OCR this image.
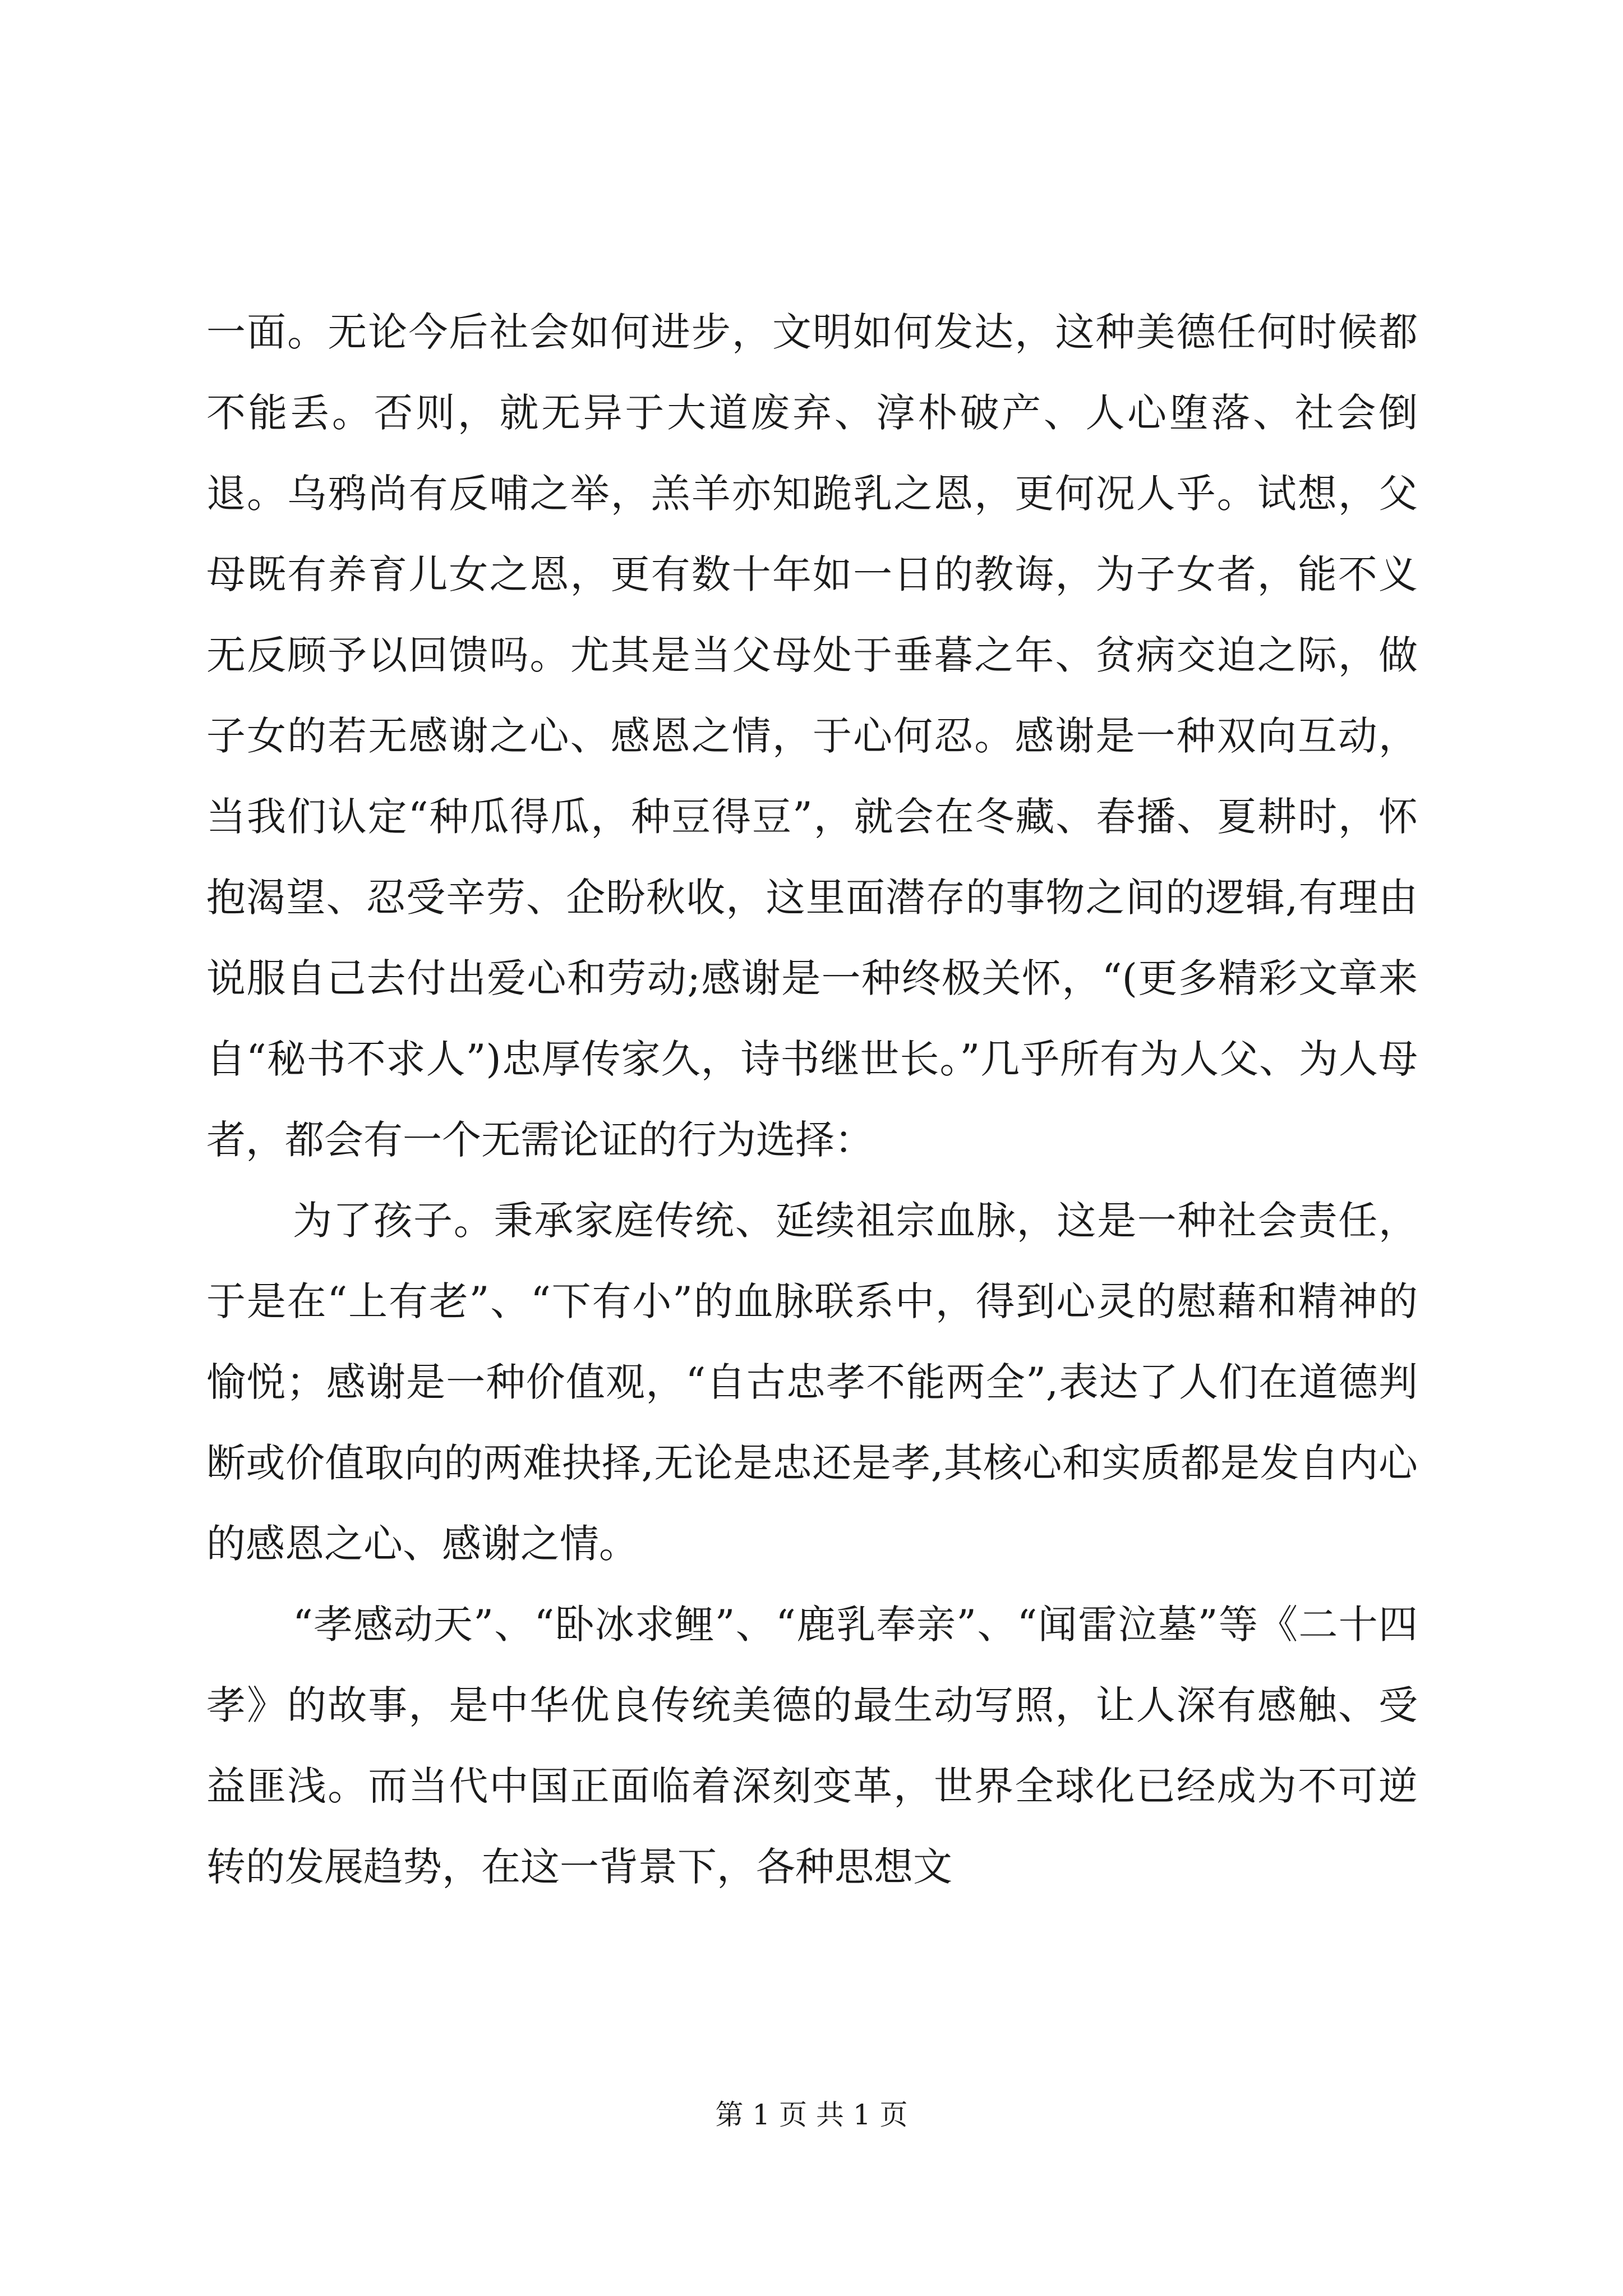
一面。无论今后社会如何进步，文明如何发达，这种美德任何时候都不能丢。否则，就无异于大道废弃、淳朴破产、人心堕落、社会倒退。乌鸦尚有反哺之举，羔羊亦知跪乳之恩，更何况人乎。试想，父母既有养育儿女之恩，更有数十年如一日的教诲，为子女者，能不义无反顾予以回馈吗。尤其是当父母处于垂暮之年、贫病交迫之际，做子女的若无感谢之心、感恩之情，于心何忍。感谢是一种双向互动，当我们认定“种瓜得瓜，种豆得豆”，就会在冬藏、春播、夏耕时，怀抱渴望、忍受辛劳、企盼秋收，这里面潜存的事物之间的逻辑,有理由说服自己去付出爱心和劳动;感谢是一种终极关怀，“(更多精彩文章来自“秘书不求人”)忠厚传家久，诗书继世长。”几乎所有为人父、为人母者，都会有一个无需论证的行为选择：

为了孩子。秉承家庭传统、延续祖宗血脉，这是一种社会责任，于是在“上有老”、“下有小”的血脉联系中，得到心灵的慰藉和精神的愉悦；感谢是一种价值观，“自古忠孝不能两全”,表达了人们在道德判断或价值取向的两难抉择,无论是忠还是孝,其核心和实质都是发自内心的感恩之心、感谢之情。

“孝感动天”、“卧冰求鲤”、“鹿乳奉亲”、“闻雷泣墓”等《二十四孝》的故事，是中华优良传统美德的最生动写照，让人深有感触、受益匪浅。而当代中国正面临着深刻变革，世界全球化已经成为不可逆转的发展趋势，在这一背景下，各种思想文

第 1 页 共 1 页
